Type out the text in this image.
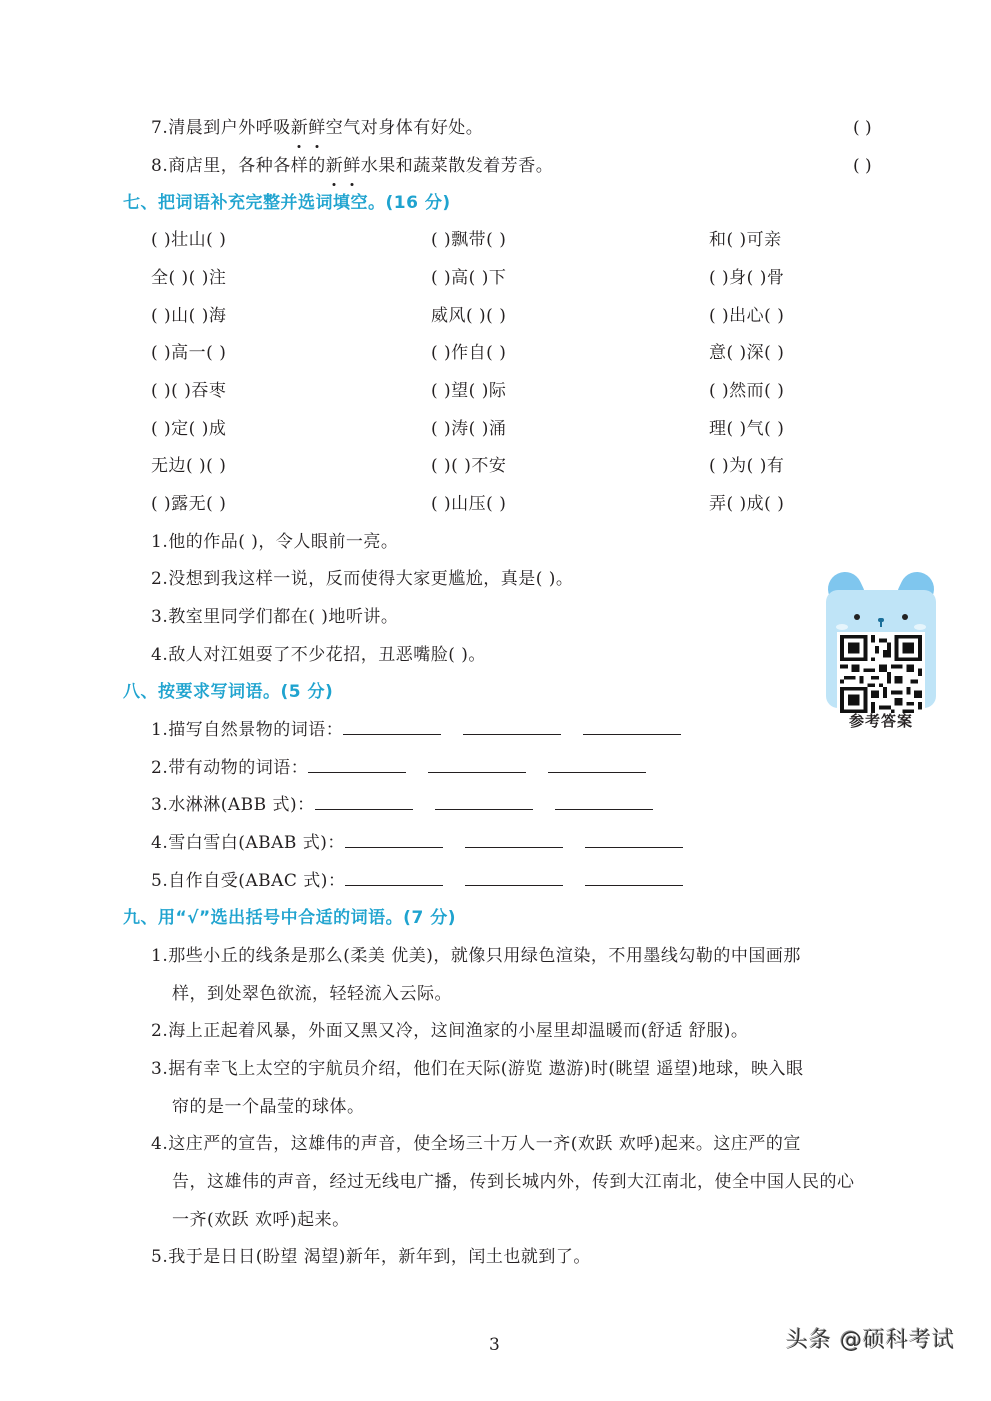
7.清晨到户外呼吸新鲜空气对身体有好处。	( )
8.商店里，各种各样的新鲜水果和蔬菜散发着芳香。	( )
七、把词语补充完整并选词填空。(16 分)
( )壮山( )	( )飘带( )	和( )可亲
全( )( )注	( )高( )下	( )身( )骨
( )山( )海	威风( )( )	( )出心( )
( )高一( )	( )作自( )	意( )深( )
( )( )吞枣	( )望( )际	( )然而( )
( )定( )成	( )涛( )涌	理( )气( )
无边( )( )	( )( )不安	( )为( )有
( )露无( )	( )山压( )	弄( )成( )
1.他的作品( )，令人眼前一亮。
2.没想到我这样一说，反而使得大家更尴尬，真是( )。
3.教室里同学们都在( )地听讲。
4.敌人对江姐耍了不少花招，丑恶嘴脸( )。
参考答案
八、按要求写词语。(5 分)
1.描写自然景物的词语：
2.带有动物的词语：
3.水淋淋(ABB 式)：
4.雪白雪白(ABAB 式)：
5.自作自受(ABAC 式)：
九、用“√”选出括号中合适的词语。(7 分)
1.那些小丘的线条是那么(柔美 优美)，就像只用绿色渲染，不用墨线勾勒的中国画那
样，到处翠色欲流，轻轻流入云际。
2.海上正起着风暴，外面又黑又冷，这间渔家的小屋里却温暖而(舒适 舒服)。
3.据有幸飞上太空的宇航员介绍，他们在天际(游览 遨游)时(眺望 遥望)地球，映入眼
帘的是一个晶莹的球体。
4.这庄严的宣告，这雄伟的声音，使全场三十万人一齐(欢跃 欢呼)起来。这庄严的宣
告，这雄伟的声音，经过无线电广播，传到长城内外，传到大江南北，使全中国人民的心
一齐(欢跃 欢呼)起来。
5.我于是日日(盼望 渴望)新年，新年到，闰土也就到了。
3	头条 @硕科考试
